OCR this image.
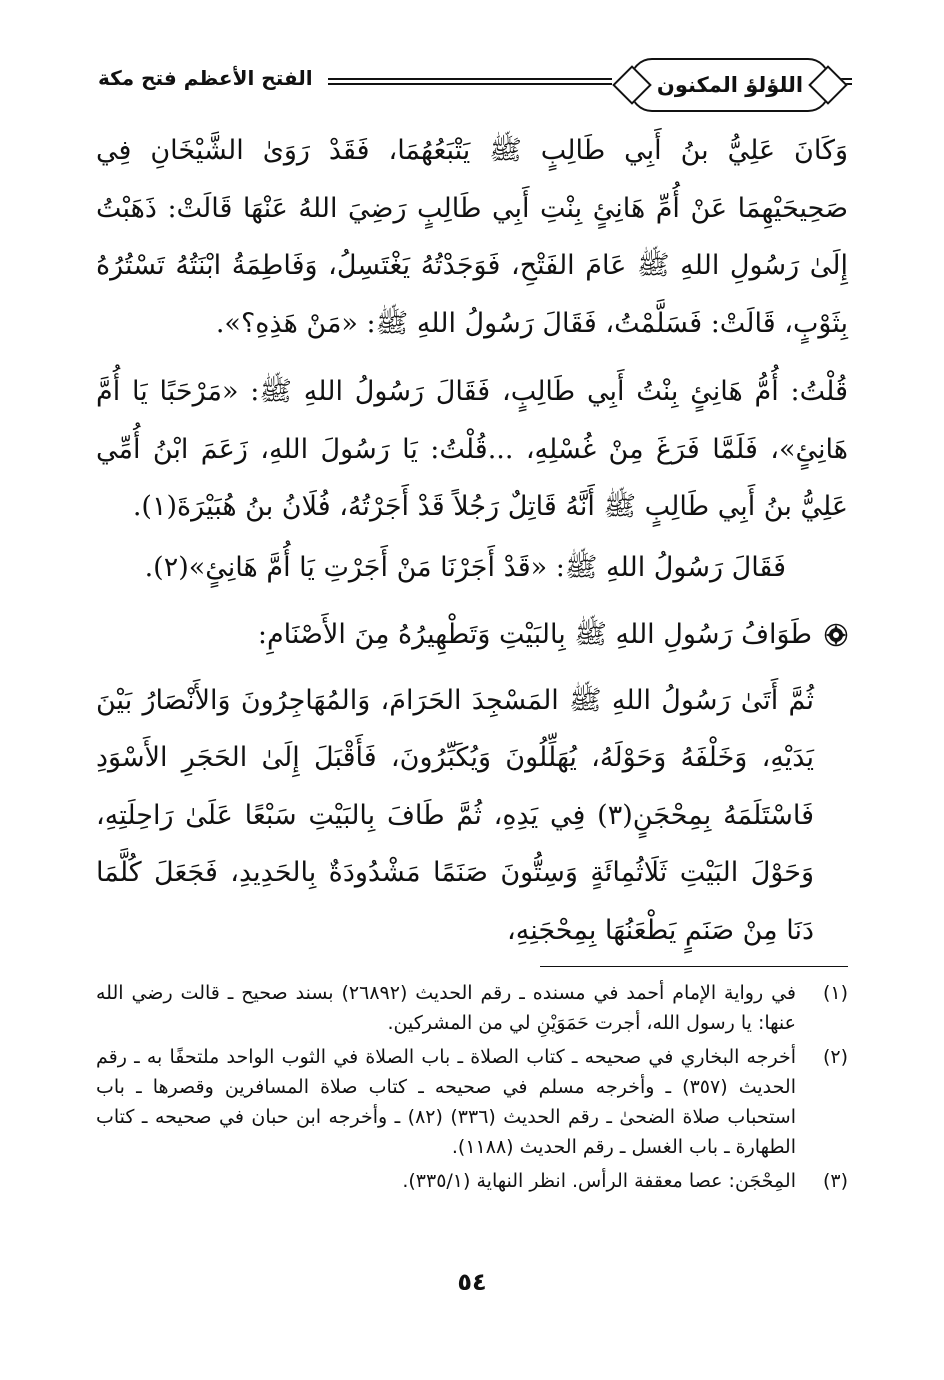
اللؤلؤ المكنون
الفتح الأعظم فتح مكة

وَكَانَ عَلِيُّ بنُ أَبِي طَالِبٍ ﷺ يَتْبَعُهُمَا، فَقَدْ رَوَىٰ الشَّيْخَانِ فِي صَحِيحَيْهِمَا عَنْ أُمِّ هَانِئٍ بِنْتِ أَبِي طَالِبٍ رَضِيَ اللهُ عَنْهَا قَالَتْ: ذَهَبْتُ إِلَىٰ رَسُولِ اللهِ ﷺ عَامَ الفَتْحِ، فَوَجَدْتُهُ يَغْتَسِلُ، وَفَاطِمَةُ ابْنَتُهُ تَسْتُرُهُ بِثَوْبٍ، قَالَتْ: فَسَلَّمْتُ، فَقَالَ رَسُولُ اللهِ ﷺ: «مَنْ هَذِهِ؟».

قُلْتُ: أُمُّ هَانِئٍ بِنْتُ أَبِي طَالِبٍ، فَقَالَ رَسُولُ اللهِ ﷺ: «مَرْحَبًا يَا أُمَّ هَانِئٍ»، فَلَمَّا فَرَغَ مِنْ غُسْلِهِ، ...قُلْتُ: يَا رَسُولَ اللهِ، زَعَمَ ابْنُ أُمِّي عَلِيُّ بنُ أَبِي طَالِبٍ ﷺ أَنَّهُ قَاتِلٌ رَجُلاً قَدْ أَجَرْتُهُ، فُلَانُ بنُ هُبَيْرَةَ(١).

فَقَالَ رَسُولُ اللهِ ﷺ: «قَدْ أَجَرْنَا مَنْ أَجَرْتِ يَا أُمَّ هَانِئٍ»(٢).

طَوَافُ رَسُولِ اللهِ ﷺ بِالبَيْتِ وَتَطْهِيرُهُ مِنَ الأَصْنَامِ:

ثُمَّ أَتَىٰ رَسُولُ اللهِ ﷺ المَسْجِدَ الحَرَامَ، وَالمُهَاجِرُونَ وَالأَنْصَارُ بَيْنَ يَدَيْهِ، وَخَلْفَهُ وَحَوْلَهُ، يُهَلِّلُونَ وَيُكَبِّرُونَ، فَأَقْبَلَ إِلَىٰ الحَجَرِ الأَسْوَدِ فَاسْتَلَمَهُ بِمِحْجَنٍ(٣) فِي يَدِهِ، ثُمَّ طَافَ بِالبَيْتِ سَبْعًا عَلَىٰ رَاحِلَتِهِ، وَحَوْلَ البَيْتِ ثَلَاثُمِائَةٍ وَسِتُّونَ صَنَمًا مَشْدُودَةٌ بِالحَدِيدِ، فَجَعَلَ كُلَّمَا دَنَا مِنْ صَنَمٍ يَطْعَنُهَا بِمِحْجَنِهِ،

(١)
في رواية الإمام أحمد في مسنده ـ رقم الحديث (٢٦٨٩٢) بسند صحيح ـ قالت رضي الله عنها: يا رسول الله، أجرت حَمَوَيْنِ لي من المشركين.
(٢)
أخرجه البخاري في صحيحه ـ كتاب الصلاة ـ باب الصلاة في الثوب الواحد ملتحفًا به ـ رقم الحديث (٣٥٧) ـ وأخرجه مسلم في صحيحه ـ كتاب صلاة المسافرين وقصرها ـ باب استحباب صلاة الضحىٰ ـ رقم الحديث (٣٣٦) (٨٢) ـ وأخرجه ابن حبان في صحيحه ـ كتاب الطهارة ـ باب الغسل ـ رقم الحديث (١١٨٨).
(٣)
المِحْجَن: عصا معقفة الرأس. انظر النهاية (٣٣٥/١).
٥٤
